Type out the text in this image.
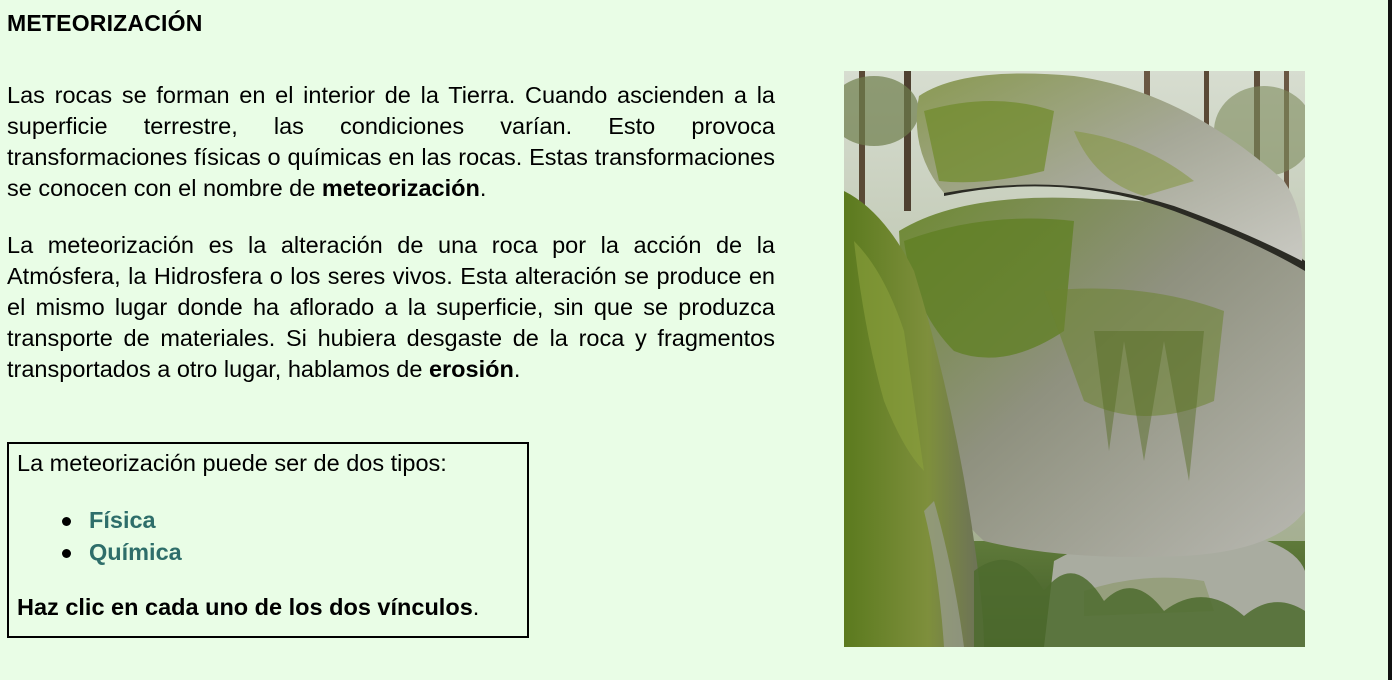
METEORIZACIÓN

Las rocas se forman en el interior de la Tierra. Cuando ascienden a la superficie terrestre, las condiciones varían. Esto provoca transformaciones físicas o químicas en las rocas. Estas transformaciones se conocen con el nombre de meteorización.

La meteorización es la alteración de una roca por la acción de la Atmósfera, la Hidrosfera o los seres vivos. Esta alteración se produce en el mismo lugar donde ha aflorado a la superficie, sin que se produzca transporte de materiales. Si hubiera desgaste de la roca y fragmentos transportados a otro lugar, hablamos de erosión.

La meteorización puede ser de dos tipos:

Física
Química

Haz clic en cada uno de los dos vínculos.
